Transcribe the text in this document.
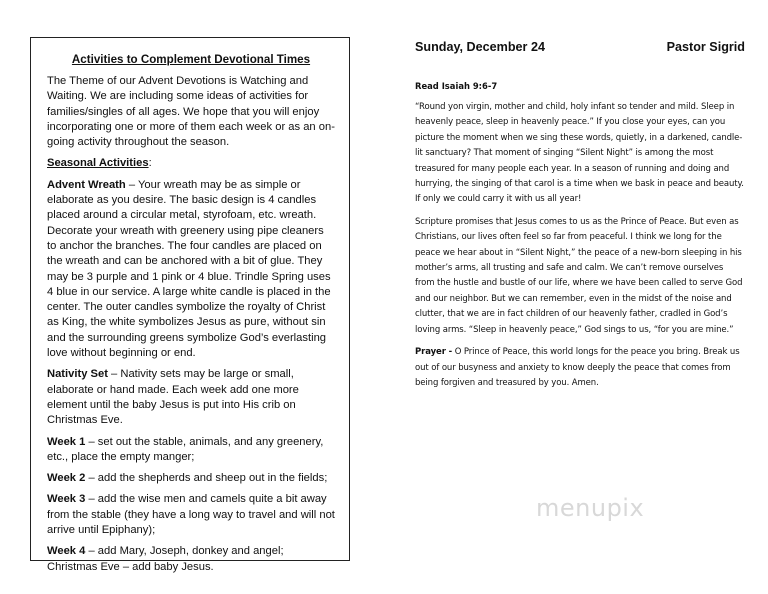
Activities to Complement Devotional Times

The Theme of our Advent Devotions is Watching and Waiting. We are including some ideas of activities for families/singles of all ages. We hope that you will enjoy incorporating one or more of them each week or as an on-going activity throughout the season.

Seasonal Activities:

Advent Wreath – Your wreath may be as simple or elaborate as you desire. The basic design is 4 candles placed around a circular metal, styrofoam, etc. wreath. Decorate your wreath with greenery using pipe cleaners to anchor the branches. The four candles are placed on the wreath and can be anchored with a bit of glue. They may be 3 purple and 1 pink or 4 blue. Trindle Spring uses 4 blue in our service. A large white candle is placed in the center. The outer candles symbolize the royalty of Christ as King, the white symbolizes Jesus as pure, without sin and the surrounding greens symbolize God’s everlasting love without beginning or end.

Nativity Set – Nativity sets may be large or small, elaborate or hand made. Each week add one more element until the baby Jesus is put into His crib on Christmas Eve.

Week 1 – set out the stable, animals, and any greenery, etc., place the empty manger;

Week 2 – add the shepherds and sheep out in the fields;

Week 3 – add the wise men and camels quite a bit away from the stable (they have a long way to travel and will not arrive until Epiphany);

Week 4 – add Mary, Joseph, donkey and angel; Christmas Eve – add baby Jesus.

Sunday, December 24	Pastor Sigrid
Read Isaiah 9:6-7

“Round yon virgin, mother and child, holy infant so tender and mild. Sleep in heavenly peace, sleep in heavenly peace.” If you close your eyes, can you picture the moment when we sing these words, quietly, in a darkened, candle-lit sanctuary? That moment of singing “Silent Night” is among the most treasured for many people each year. In a season of running and doing and hurrying, the singing of that carol is a time when we bask in peace and beauty. If only we could carry it with us all year!

Scripture promises that Jesus comes to us as the Prince of Peace. But even as Christians, our lives often feel so far from peaceful. I think we long for the peace we hear about in “Silent Night,” the peace of a new-born sleeping in his mother’s arms, all trusting and safe and calm. We can’t remove ourselves from the hustle and bustle of our life, where we have been called to serve God and our neighbor. But we can remember, even in the midst of the noise and clutter, that we are in fact children of our heavenly father, cradled in God’s loving arms. “Sleep in heavenly peace,” God sings to us, “for you are mine.”

Prayer - O Prince of Peace, this world longs for the peace you bring. Break us out of our busyness and anxiety to know deeply the peace that comes from being forgiven and treasured by you. Amen.

menupix
